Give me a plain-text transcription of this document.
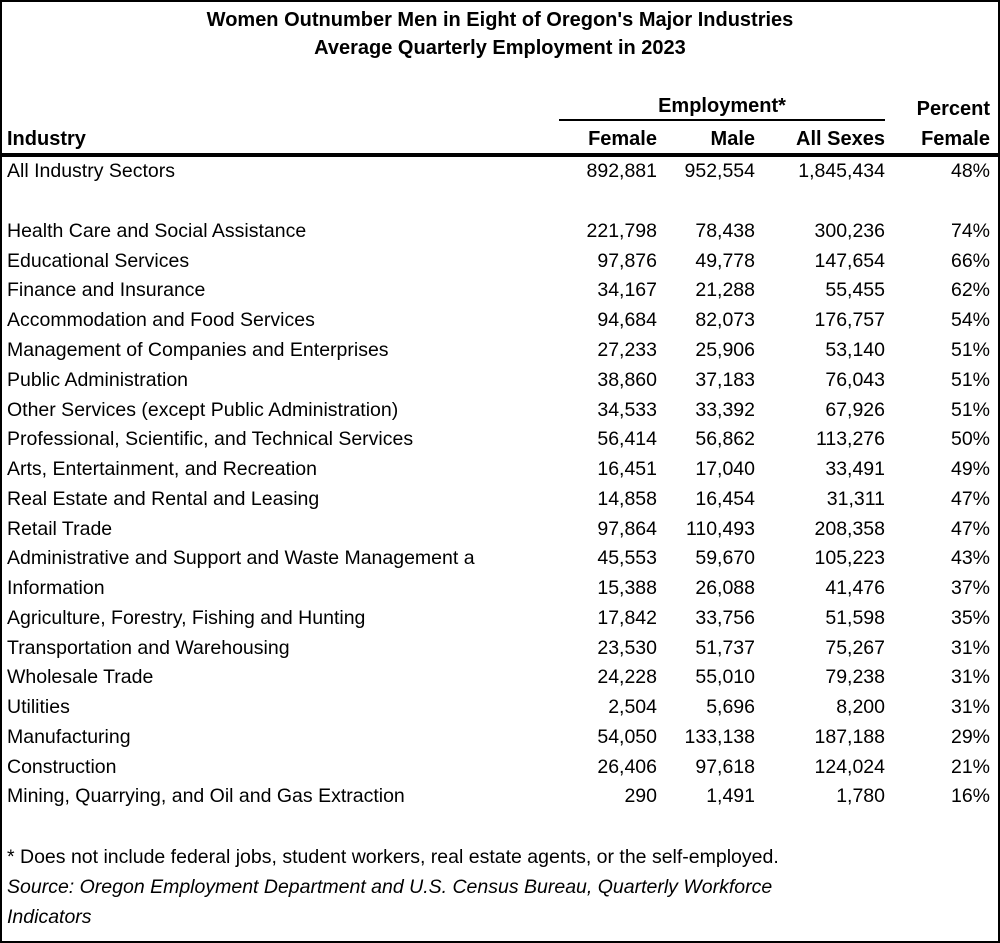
Women Outnumber Men in Eight of Oregon's Major Industries
Average Quarterly Employment in 2023
Employment*	Percent
Industry	Female	Male	All Sexes	Female
All Industry Sectors	892,881	952,554	1,845,434	48%
Health Care and Social Assistance	221,798	78,438	300,236	74%
Educational Services	97,876	49,778	147,654	66%
Finance and Insurance	34,167	21,288	55,455	62%
Accommodation and Food Services	94,684	82,073	176,757	54%
Management of Companies and Enterprises	27,233	25,906	53,140	51%
Public Administration	38,860	37,183	76,043	51%
Other Services (except Public Administration)	34,533	33,392	67,926	51%
Professional, Scientific, and Technical Services	56,414	56,862	113,276	50%
Arts, Entertainment, and Recreation	16,451	17,040	33,491	49%
Real Estate and Rental and Leasing	14,858	16,454	31,311	47%
Retail Trade	97,864	110,493	208,358	47%
Administrative and Support and Waste Management a	45,553	59,670	105,223	43%
Information	15,388	26,088	41,476	37%
Agriculture, Forestry, Fishing and Hunting	17,842	33,756	51,598	35%
Transportation and Warehousing	23,530	51,737	75,267	31%
Wholesale Trade	24,228	55,010	79,238	31%
Utilities	2,504	5,696	8,200	31%
Manufacturing	54,050	133,138	187,188	29%
Construction	26,406	97,618	124,024	21%
Mining, Quarrying, and Oil and Gas Extraction	290	1,491	1,780	16%
* Does not include federal jobs, student workers, real estate agents, or the self-employed.
Source: Oregon Employment Department and U.S. Census Bureau, Quarterly Workforce
Indicators
